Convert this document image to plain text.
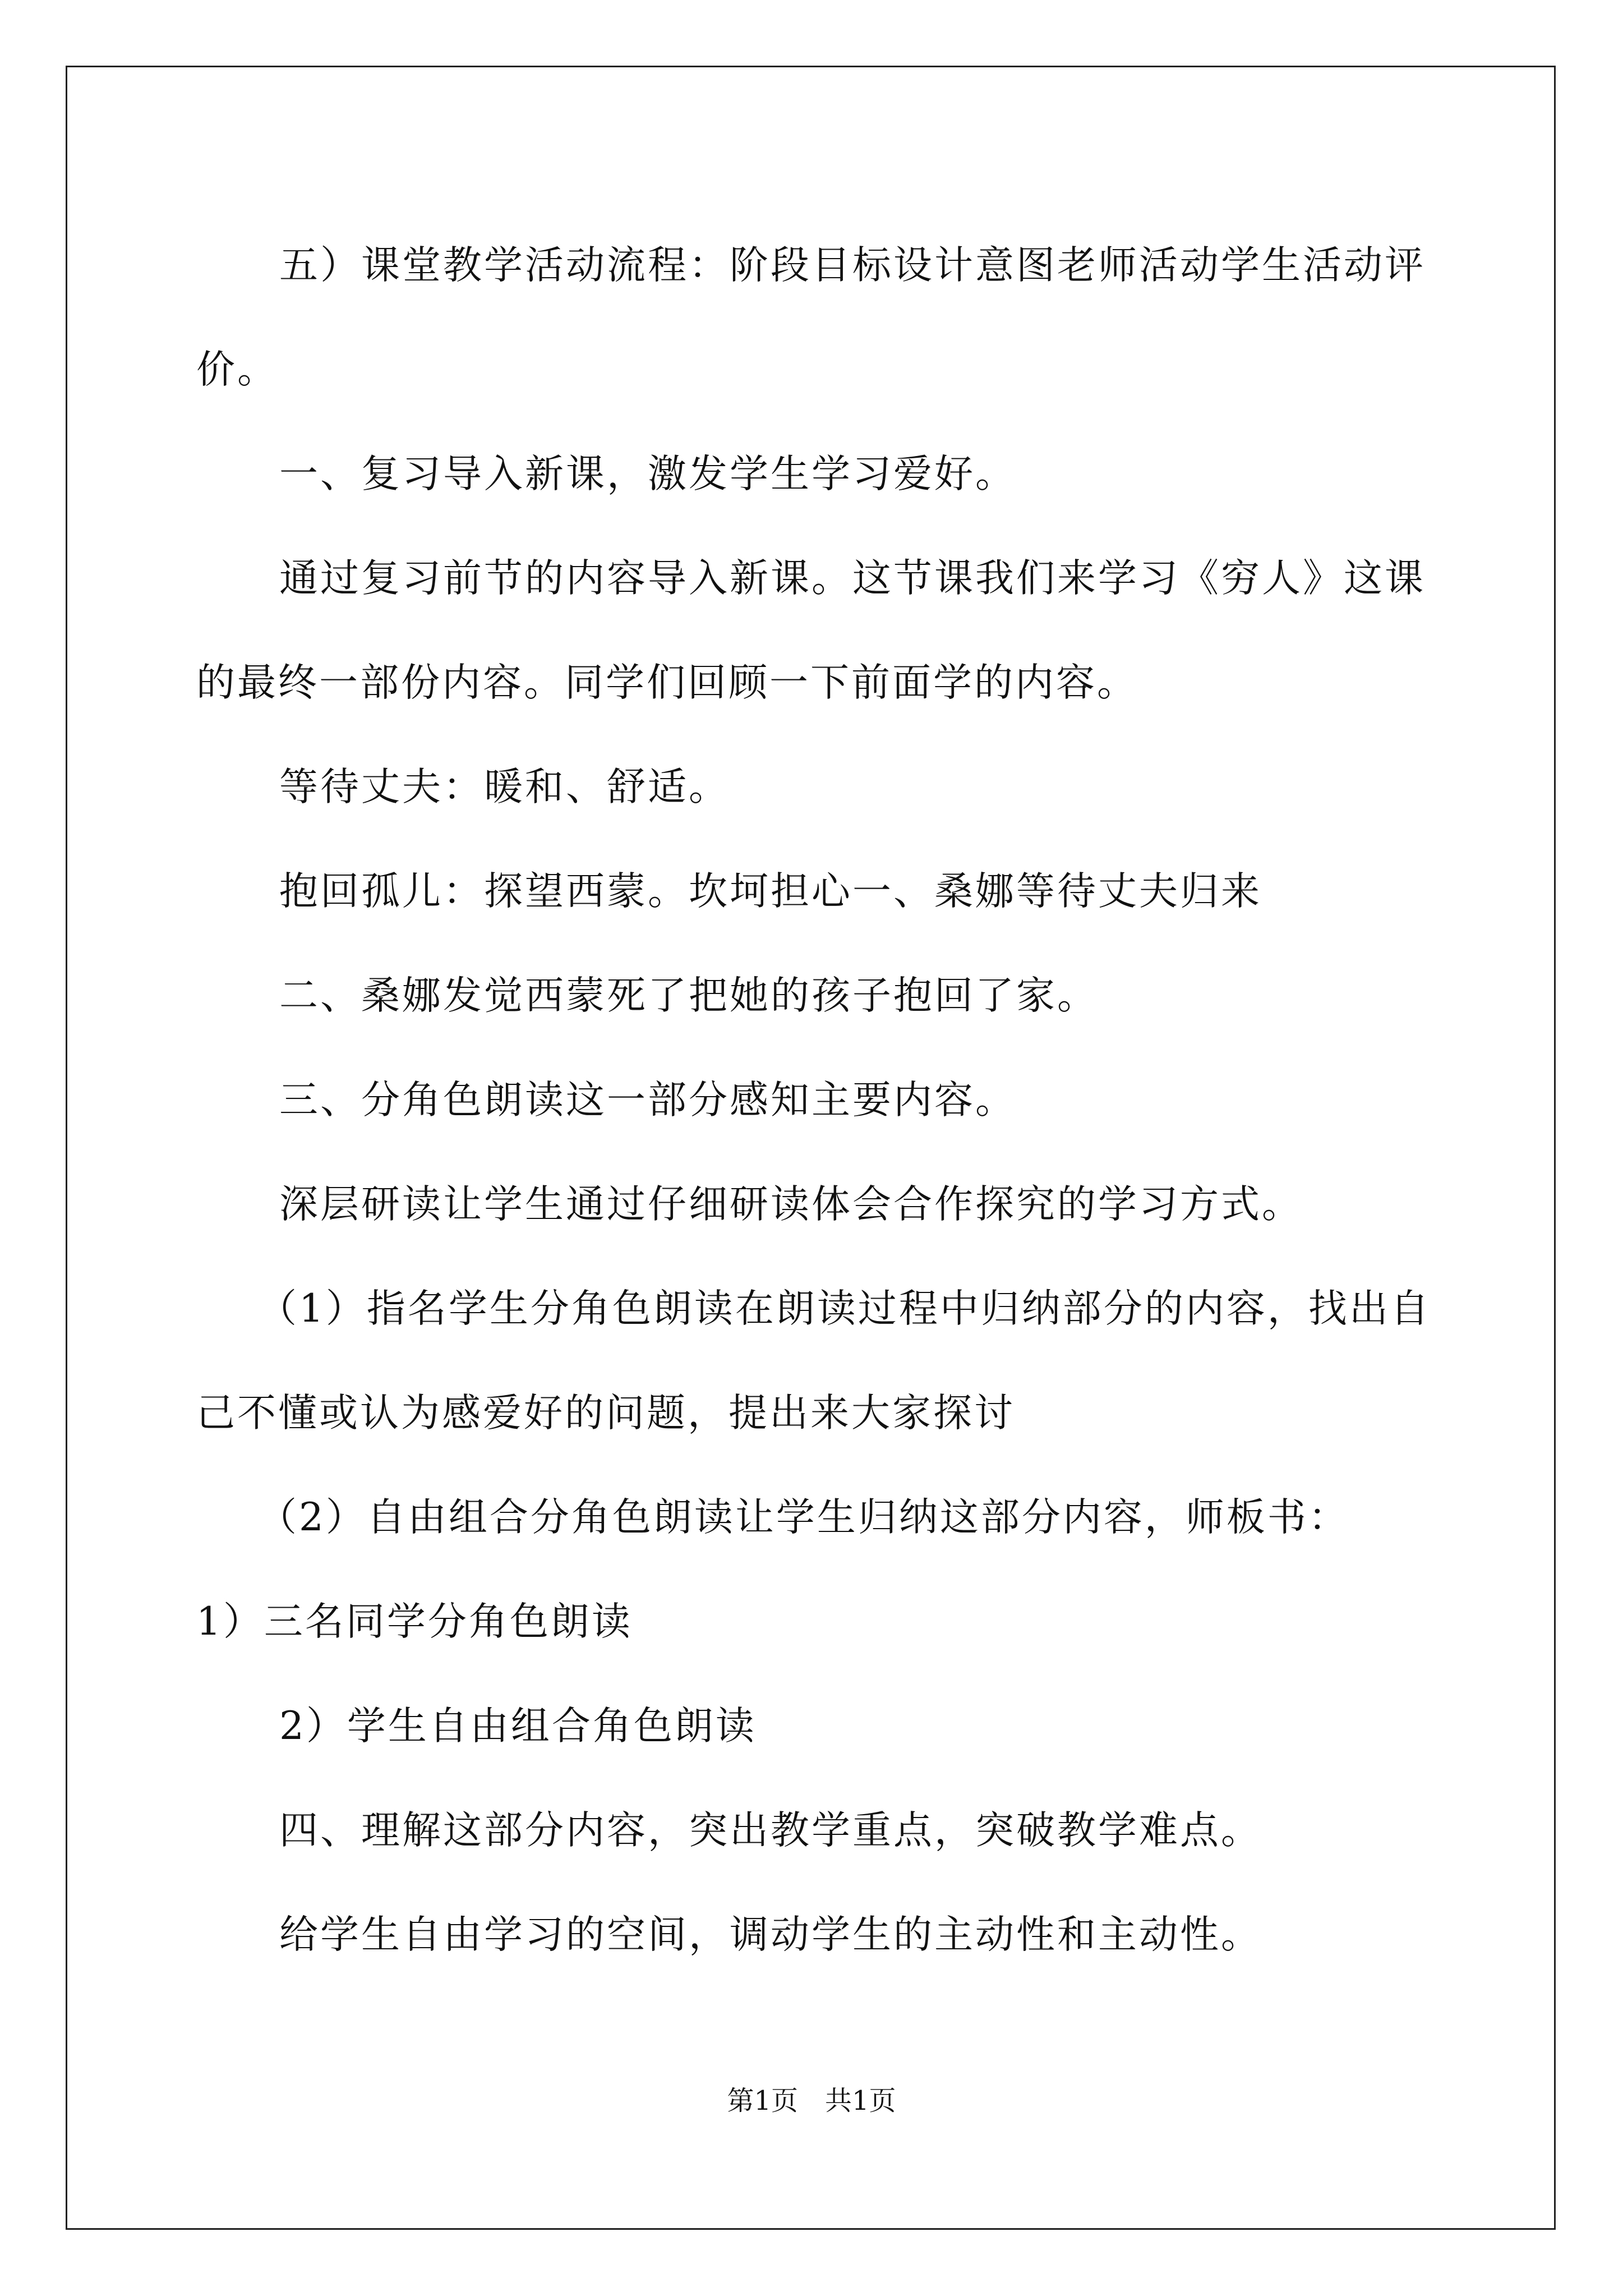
五）课堂教学活动流程：阶段目标设计意图老师活动学生活动评
价。
一、复习导入新课，激发学生学习爱好。
通过复习前节的内容导入新课。这节课我们来学习《穷人》这课
的最终一部份内容。同学们回顾一下前面学的内容。
等待丈夫：暖和、舒适。
抱回孤儿：探望西蒙。坎坷担心一、桑娜等待丈夫归来
二、桑娜发觉西蒙死了把她的孩子抱回了家。
三、分角色朗读这一部分感知主要内容。
深层研读让学生通过仔细研读体会合作探究的学习方式。
（1）指名学生分角色朗读在朗读过程中归纳部分的内容，找出自
己不懂或认为感爱好的问题，提出来大家探讨
（2）自由组合分角色朗读让学生归纳这部分内容，师板书：
1）三名同学分角色朗读
2）学生自由组合角色朗读
四、理解这部分内容，突出教学重点，突破教学难点。
给学生自由学习的空间，调动学生的主动性和主动性。
第1页　共1页
